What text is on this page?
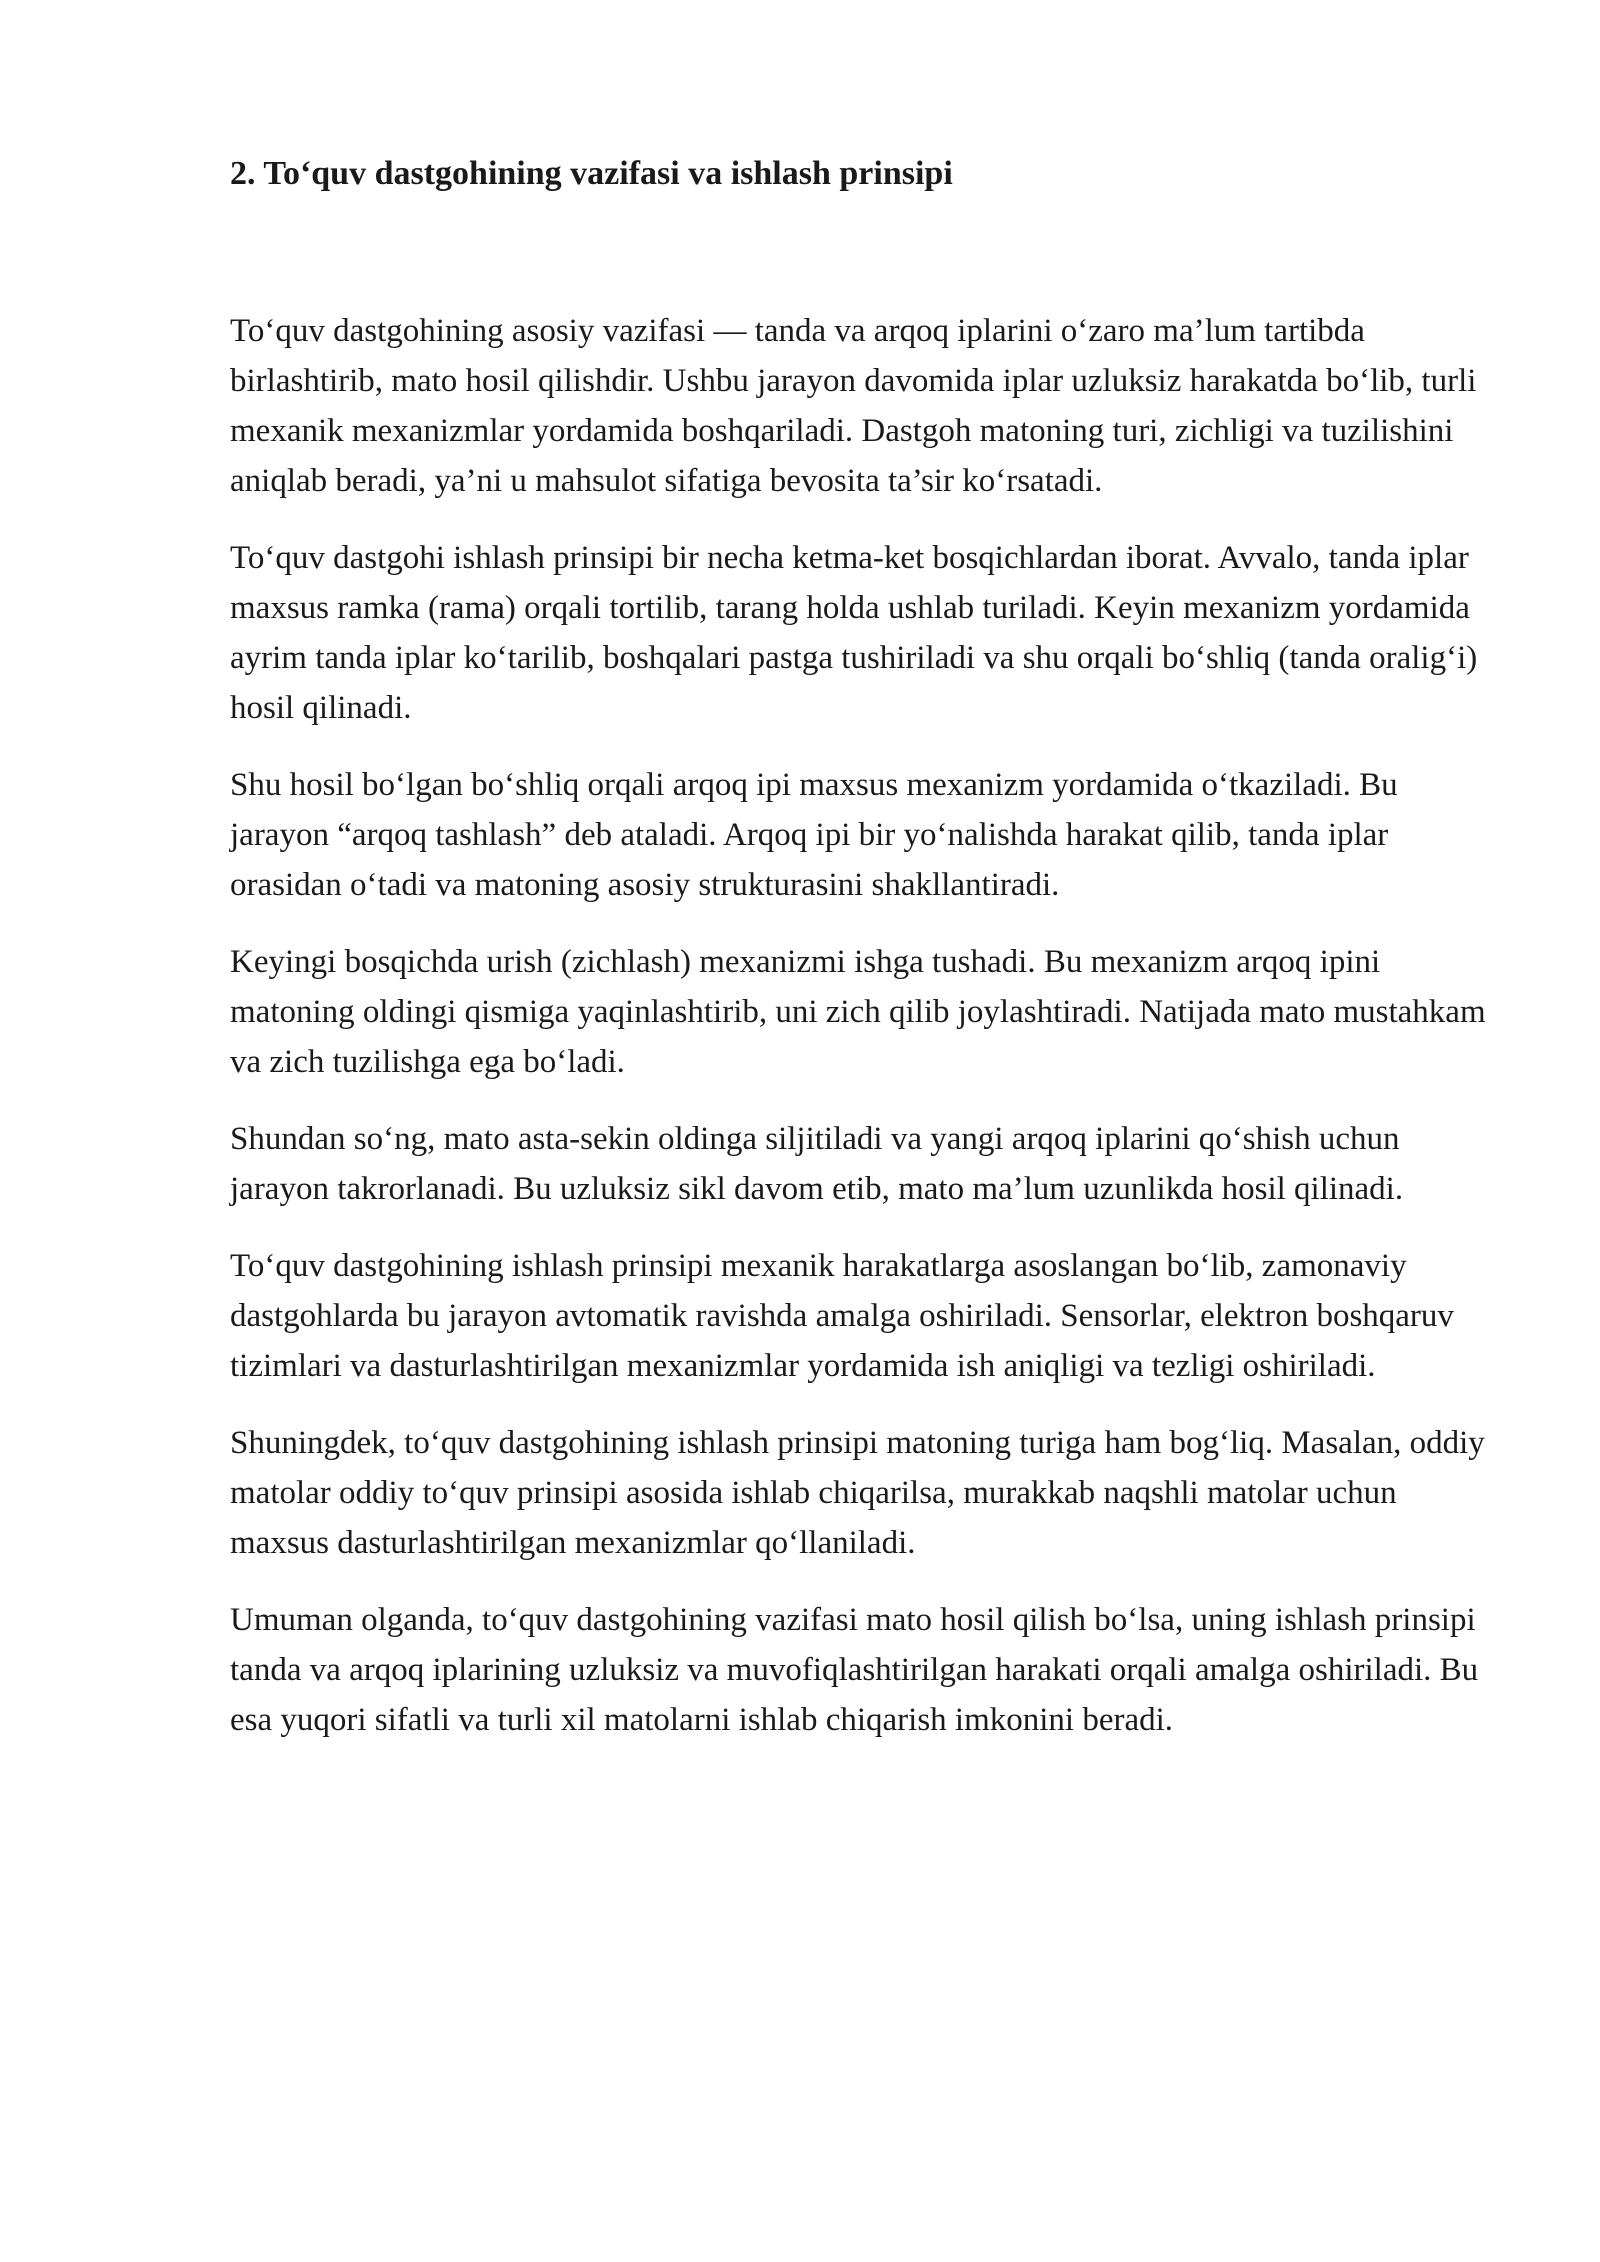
2. To‘quv dastgohining vazifasi va ishlash prinsipi

To‘quv dastgohining asosiy vazifasi — tanda va arqoq iplarini o‘zaro ma’lum tartibda birlashtirib, mato hosil qilishdir. Ushbu jarayon davomida iplar uzluksiz harakatda bo‘lib, turli mexanik mexanizmlar yordamida boshqariladi. Dastgoh matoning turi, zichligi va tuzilishini aniqlab beradi, ya’ni u mahsulot sifatiga bevosita ta’sir ko‘rsatadi.

To‘quv dastgohi ishlash prinsipi bir necha ketma-ket bosqichlardan iborat. Avvalo, tanda iplar maxsus ramka (rama) orqali tortilib, tarang holda ushlab turiladi. Keyin mexanizm yordamida ayrim tanda iplar ko‘tarilib, boshqalari pastga tushiriladi va shu orqali bo‘shliq (tanda oralig‘i) hosil qilinadi.

Shu hosil bo‘lgan bo‘shliq orqali arqoq ipi maxsus mexanizm yordamida o‘tkaziladi. Bu jarayon “arqoq tashlash” deb ataladi. Arqoq ipi bir yo‘nalishda harakat qilib, tanda iplar orasidan o‘tadi va matoning asosiy strukturasini shakllantiradi.

Keyingi bosqichda urish (zichlash) mexanizmi ishga tushadi. Bu mexanizm arqoq ipini matoning oldingi qismiga yaqinlashtirib, uni zich qilib joylashtiradi. Natijada mato mustahkam va zich tuzilishga ega bo‘ladi.

Shundan so‘ng, mato asta-sekin oldinga siljitiladi va yangi arqoq iplarini qo‘shish uchun jarayon takrorlanadi. Bu uzluksiz sikl davom etib, mato ma’lum uzunlikda hosil qilinadi.

To‘quv dastgohining ishlash prinsipi mexanik harakatlarga asoslangan bo‘lib, zamonaviy dastgohlarda bu jarayon avtomatik ravishda amalga oshiriladi. Sensorlar, elektron boshqaruv tizimlari va dasturlashtirilgan mexanizmlar yordamida ish aniqligi va tezligi oshiriladi.

Shuningdek, to‘quv dastgohining ishlash prinsipi matoning turiga ham bog‘liq. Masalan, oddiy matolar oddiy to‘quv prinsipi asosida ishlab chiqarilsa, murakkab naqshli matolar uchun maxsus dasturlashtirilgan mexanizmlar qo‘llaniladi.

Umuman olganda, to‘quv dastgohining vazifasi mato hosil qilish bo‘lsa, uning ishlash prinsipi tanda va arqoq iplarining uzluksiz va muvofiqlashtirilgan harakati orqali amalga oshiriladi. Bu esa yuqori sifatli va turli xil matolarni ishlab chiqarish imkonini beradi.
